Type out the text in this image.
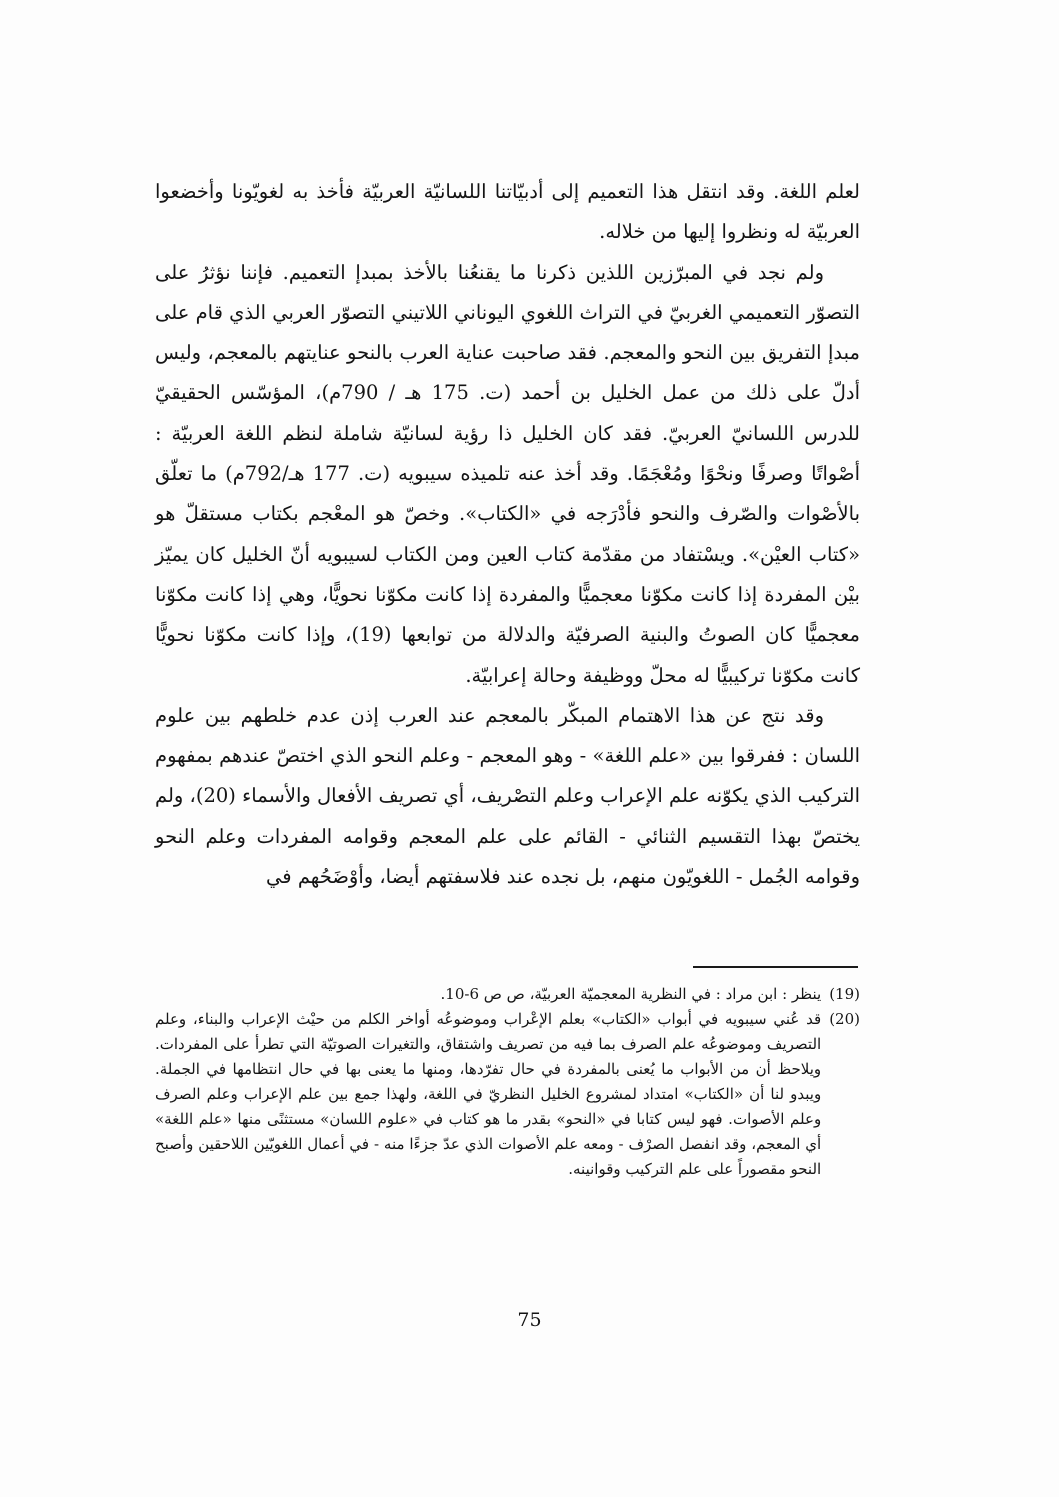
لعلم اللغة. وقد انتقل هذا التعميم إلى أدبيّاتنا اللسانيّة العربيّة فأخذ به لغويّونا وأخضعوا العربيّة له ونظروا إليها من خلاله.

ولم نجد في المبرّزين اللذين ذكرنا ما يقنعُنا بالأخذ بمبدإ التعميم. فإننا نؤثرُ على التصوّر التعميمي الغربيّ في التراث اللغوي اليوناني اللاتيني التصوّر العربي الذي قام على مبدإ التفريق بين النحو والمعجم. فقد صاحبت عناية العرب بالنحو عنايتهم بالمعجم، وليس أدلّ على ذلك من عمل الخليل بن أحمد (ت. 175 هـ / 790م)، المؤسّس الحقيقيّ للدرس اللسانيّ العربيّ. فقد كان الخليل ذا رؤية لسانيّة شاملة لنظم اللغة العربيّة : أصْواتًا وصرفًا ونحْوًا ومُعْجَمًا. وقد أخذ عنه تلميذه سيبويه (ت. 177 هـ/792م) ما تعلّق بالأصْوات والصّرف والنحو فأدْرَجه في «الكتاب». وخصّ هو المعْجم بكتاب مستقلّ هو «كتاب العيْن». ويسْتفاد من مقدّمة كتاب العين ومن الكتاب لسيبويه أنّ الخليل كان يميّز بيْن المفردة إذا كانت مكوّنا معجميًّا والمفردة إذا كانت مكوّنا نحويًّا، وهي إذا كانت مكوّنا معجميًّا كان الصوتُ والبنية الصرفيّة والدلالة من توابعها (19)، وإذا كانت مكوّنا نحويًّا كانت مكوّنا تركيبيًّا له محلّ ووظيفة وحالة إعرابيّة.

وقد نتج عن هذا الاهتمام المبكّر بالمعجم عند العرب إذن عدم خلطهم بين علوم اللسان : ففرقوا بين «علم اللغة» - وهو المعجم - وعلم النحو الذي اختصّ عندهم بمفهوم التركيب الذي يكوّنه علم الإعراب وعلم التصْريف، أي تصريف الأفعال والأسماء (20)، ولم يختصّ بهذا التقسيم الثنائي - القائم على علم المعجم وقوامه المفردات وعلم النحو وقوامه الجُمل - اللغويّون منهم، بل نجده عند فلاسفتهم أيضا، وأوْضَحُهم في

(19)
ينظر : ابن مراد : في النظرية المعجميّة العربيّة، ص ص 6-10.
(20)
قد عُني سيبويه في أبواب «الكتاب» بعلم الإعْراب وموضوعُه أواخر الكلم من حيْث الإعراب والبناء، وعلم التصريف وموضوعُه علم الصرف بما فيه من تصريف واشتقاق، والتغيرات الصوتيّة التي تطرأ على المفردات. ويلاحظ أن من الأبواب ما يُعنى بالمفردة في حال تفرّدها، ومنها ما يعنى بها في حال انتظامها في الجملة. ويبدو لنا أن «الكتاب» امتداد لمشروع الخليل النظريّ في اللغة، ولهذا جمع بين علم الإعراب وعلم الصرف وعلم الأصوات. فهو ليس كتابا في «النحو» بقدر ما هو كتاب في «علوم اللسان» مستثنًى منها «علم اللغة» أي المعجم، وقد انفصل الصرْف - ومعه علم الأصوات الذي عدّ جزءًا منه - في أعمال اللغويّين اللاحقين وأصبح النحو مقصوراً على علم التركيب وقوانينه.
75
